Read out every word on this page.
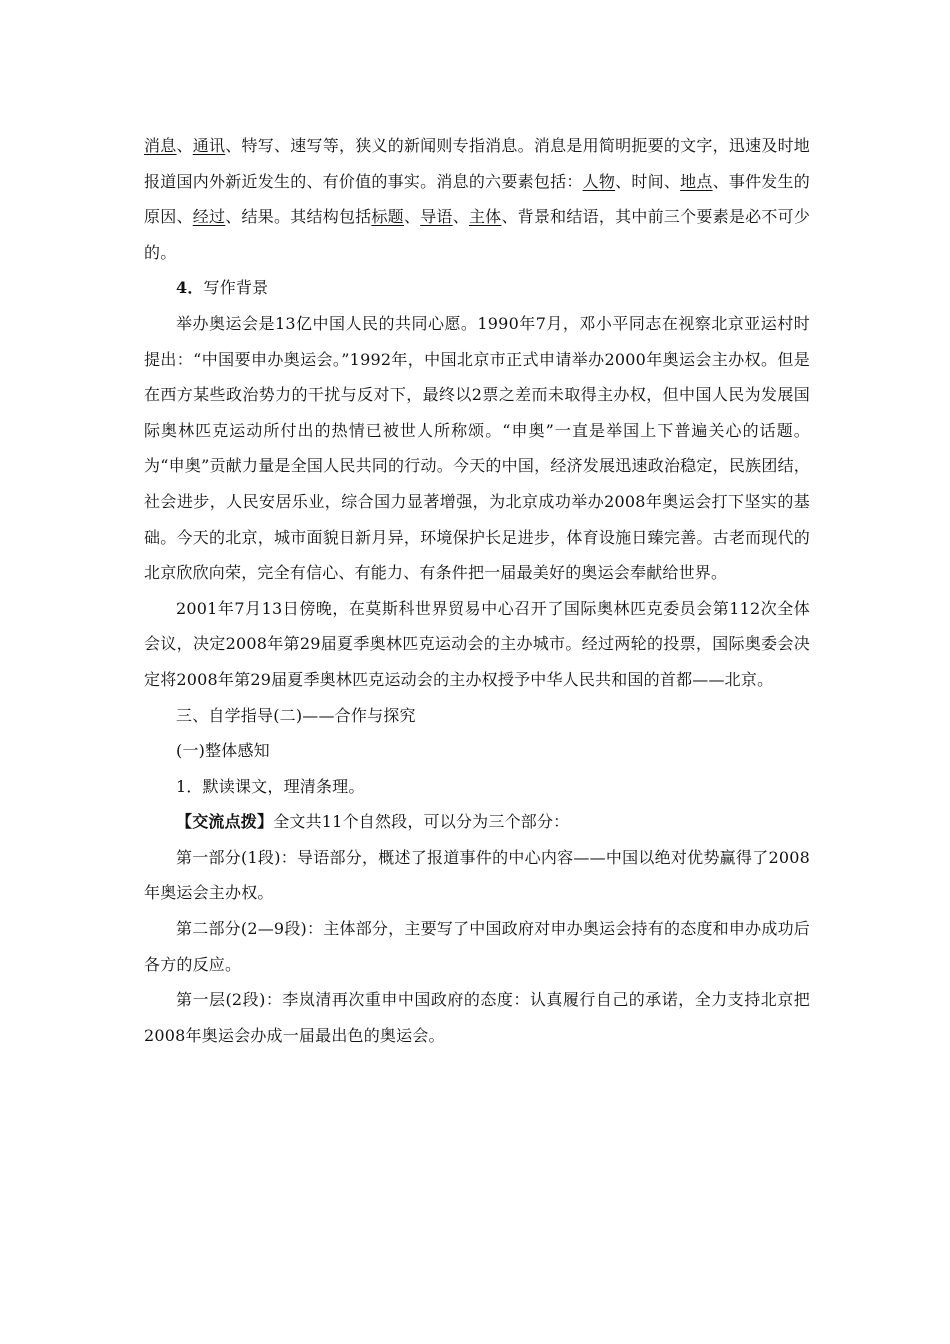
消息、通讯、特写、速写等，狭义的新闻则专指消息。消息是用简明扼要的文字，迅速及时地报道国内外新近发生的、有价值的事实。消息的六要素包括：人物、时间、地点、事件发生的原因、经过、结果。其结构包括标题、导语、主体、背景和结语，其中前三个要素是必不可少的。

4．写作背景

举办奥运会是13亿中国人民的共同心愿。1990年7月，邓小平同志在视察北京亚运村时提出：“中国要申办奥运会。”1992年，中国北京市正式申请举办2000年奥运会主办权。但是在西方某些政治势力的干扰与反对下，最终以2票之差而未取得主办权，但中国人民为发展国际奥林匹克运动所付出的热情已被世人所称颂。“申奥”一直是举国上下普遍关心的话题。为“申奥”贡献力量是全国人民共同的行动。今天的中国，经济发展迅速政治稳定，民族团结，社会进步，人民安居乐业，综合国力显著增强，为北京成功举办2008年奥运会打下坚实的基础。今天的北京，城市面貌日新月异，环境保护长足进步，体育设施日臻完善。古老而现代的北京欣欣向荣，完全有信心、有能力、有条件把一届最美好的奥运会奉献给世界。

2001年7月13日傍晚，在莫斯科世界贸易中心召开了国际奥林匹克委员会第112次全体会议，决定2008年第29届夏季奥林匹克运动会的主办城市。经过两轮的投票，国际奥委会决定将2008年第29届夏季奥林匹克运动会的主办权授予中华人民共和国的首都——北京。

三、自学指导(二)——合作与探究

(一)整体感知

1．默读课文，理清条理。

【交流点拨】全文共11个自然段，可以分为三个部分：

第一部分(1段)：导语部分，概述了报道事件的中心内容——中国以绝对优势赢得了2008年奥运会主办权。

第二部分(2—9段)：主体部分，主要写了中国政府对申办奥运会持有的态度和申办成功后各方的反应。

第一层(2段)：李岚清再次重申中国政府的态度：认真履行自己的承诺，全力支持北京把2008年奥运会办成一届最出色的奥运会。
